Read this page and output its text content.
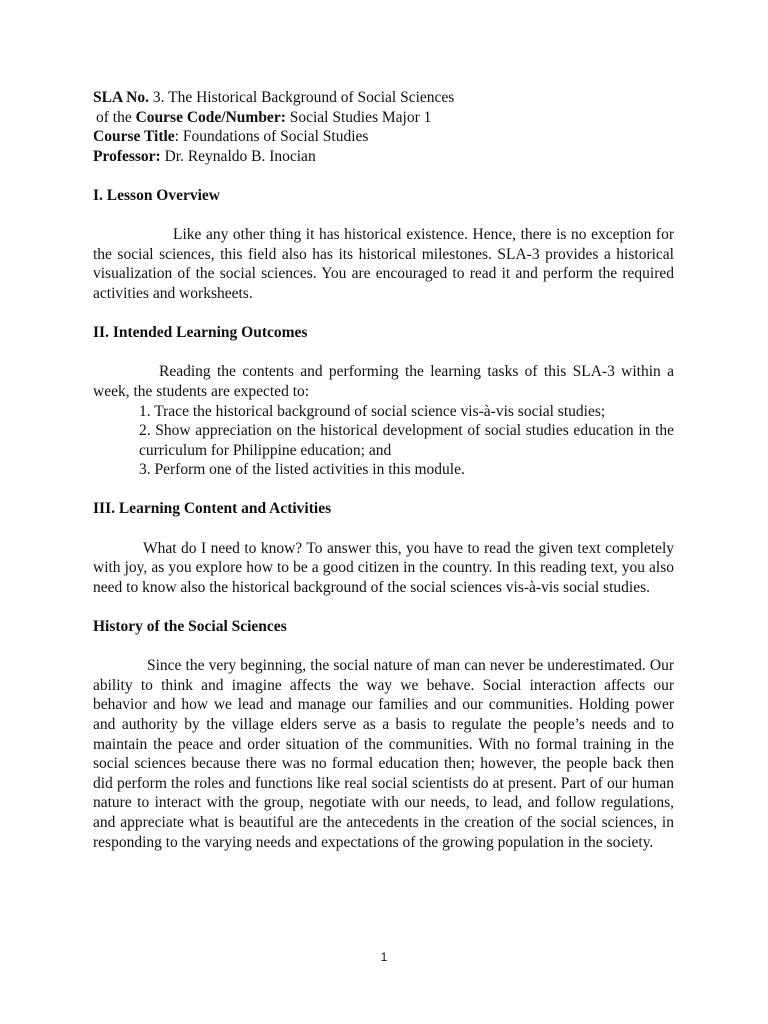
SLA No. 3. The Historical Background of Social Sciences

of the Course Code/Number: Social Studies Major 1

Course Title: Foundations of Social Studies

Professor: Dr. Reynaldo B. Inocian

I. Lesson Overview

Like any other thing it has historical existence. Hence, there is no exception for the social sciences, this field also has its historical milestones. SLA-3 provides a historical visualization of the social sciences. You are encouraged to read it and perform the required activities and worksheets.

II. Intended Learning Outcomes

Reading the contents and performing the learning tasks of this SLA-3 within a week, the students are expected to:

1. Trace the historical background of social science vis-à-vis social studies;
2. Show appreciation on the historical development of social studies education in the curriculum for Philippine education; and
3. Perform one of the listed activities in this module.

III. Learning Content and Activities

What do I need to know? To answer this, you have to read the given text completely with joy, as you explore how to be a good citizen in the country. In this reading text, you also need to know also the historical background of the social sciences vis-à-vis social studies.

History of the Social Sciences

Since the very beginning, the social nature of man can never be underestimated. Our ability to think and imagine affects the way we behave. Social interaction affects our behavior and how we lead and manage our families and our communities. Holding power and authority by the village elders serve as a basis to regulate the people’s needs and to maintain the peace and order situation of the communities. With no formal training in the social sciences because there was no formal education then; however, the people back then did perform the roles and functions like real social scientists do at present. Part of our human nature to interact with the group, negotiate with our needs, to lead, and follow regulations, and appreciate what is beautiful are the antecedents in the creation of the social sciences, in responding to the varying needs and expectations of the growing population in the society.

1
